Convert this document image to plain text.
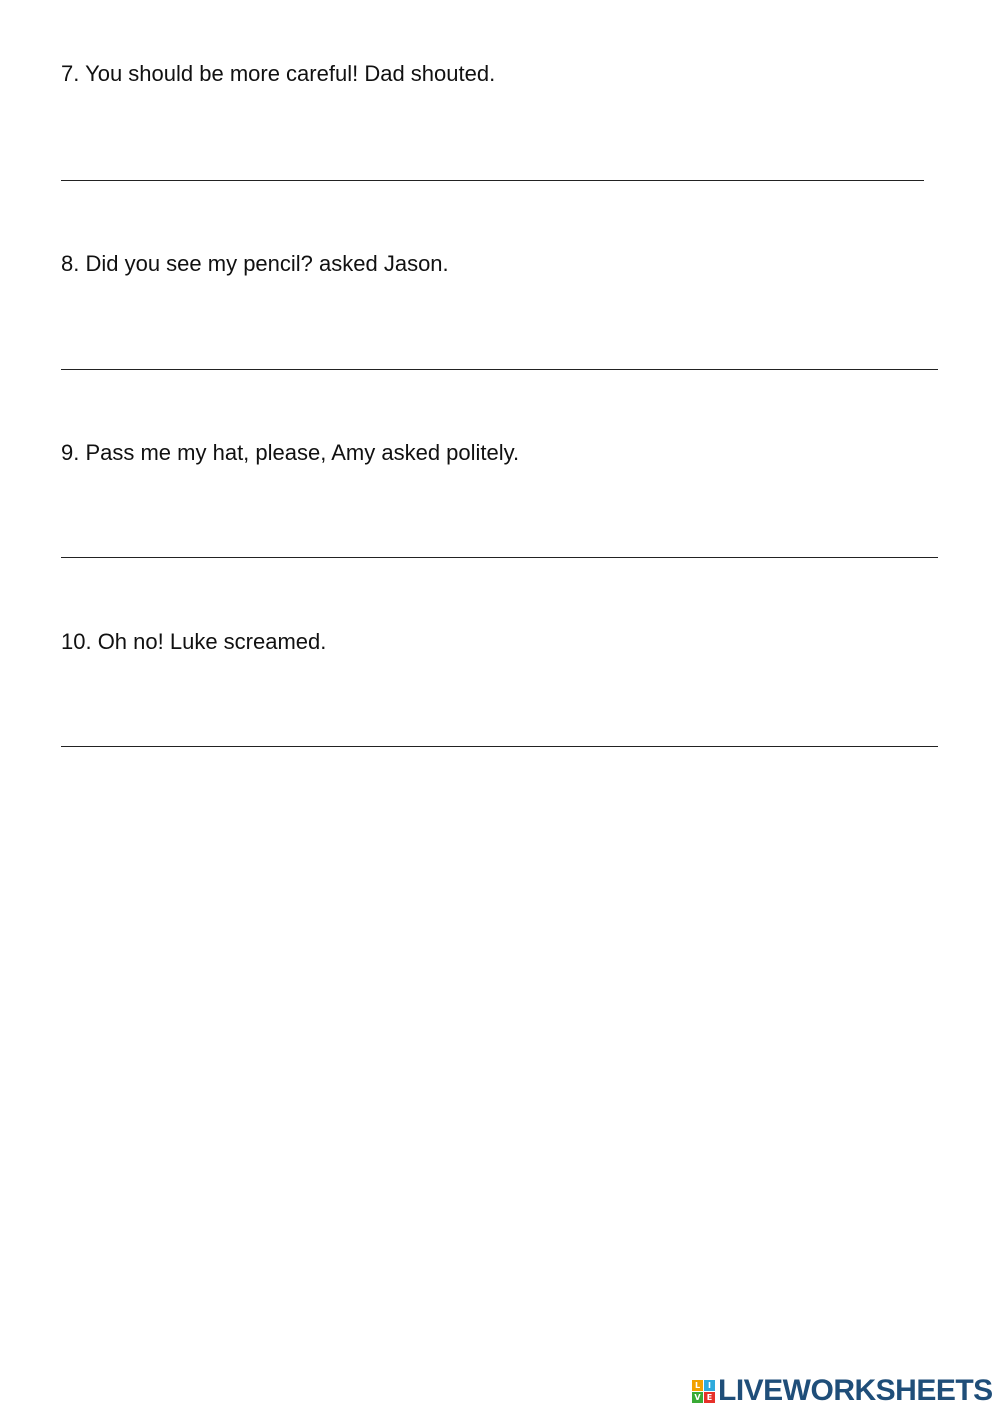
7. You should be more careful! Dad shouted.
8. Did you see my pencil? asked Jason.
9. Pass me my hat, please, Amy asked politely.
10. Oh no! Luke screamed.
L I
V E LIVEWORKSHEETS
